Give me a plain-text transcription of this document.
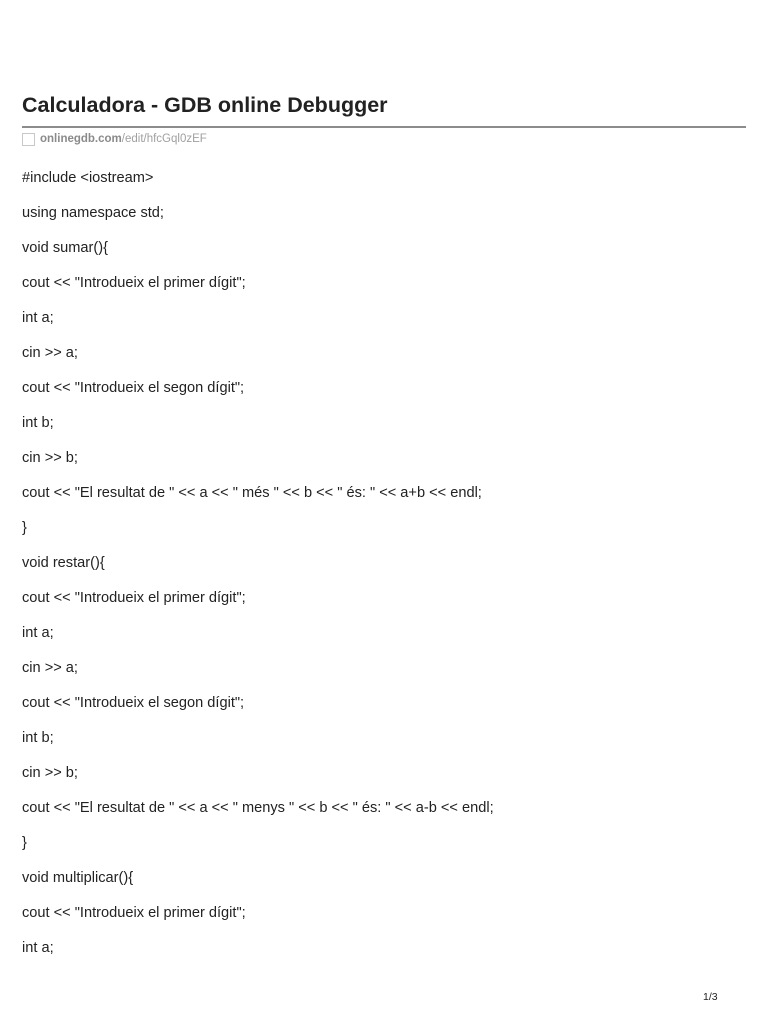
Calculadora - GDB online Debugger
onlinegdb.com /edit/hfcGql0zEF
#include <iostream>
using namespace std;
void sumar(){
cout << "Introdueix el primer dígit";
int a;
cin >> a;
cout << "Introdueix el segon dígit";
int b;
cin >> b;
cout << "El resultat de " << a << " més " << b << " és: " << a+b << endl;
}
void restar(){
cout << "Introdueix el primer dígit";
int a;
cin >> a;
cout << "Introdueix el segon dígit";
int b;
cin >> b;
cout << "El resultat de " << a << " menys " << b << " és: " << a-b << endl;
}
void multiplicar(){
cout << "Introdueix el primer dígit";
int a;
1/3
